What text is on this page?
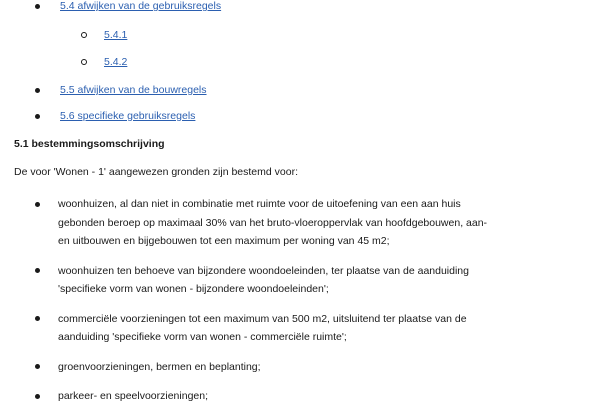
5.4 afwijken van de gebruiksregels
5.4.1
5.4.2
5.5 afwijken van de bouwregels
5.6 specifieke gebruiksregels
5.1 bestemmingsomschrijving
De voor 'Wonen - 1' aangewezen gronden zijn bestemd voor:
woonhuizen, al dan niet in combinatie met ruimte voor de uitoefening van een aan huis
gebonden beroep op maximaal 30% van het bruto-vloeroppervlak van hoofdgebouwen, aan-
en uitbouwen en bijgebouwen tot een maximum per woning van 45 m2;
woonhuizen ten behoeve van bijzondere woondoeleinden, ter plaatse van de aanduiding
'specifieke vorm van wonen - bijzondere woondoeleinden';
commerciële voorzieningen tot een maximum van 500 m2, uitsluitend ter plaatse van de
aanduiding 'specifieke vorm van wonen - commerciële ruimte';
groenvoorzieningen, bermen en beplanting;
parkeer- en speelvoorzieningen;
